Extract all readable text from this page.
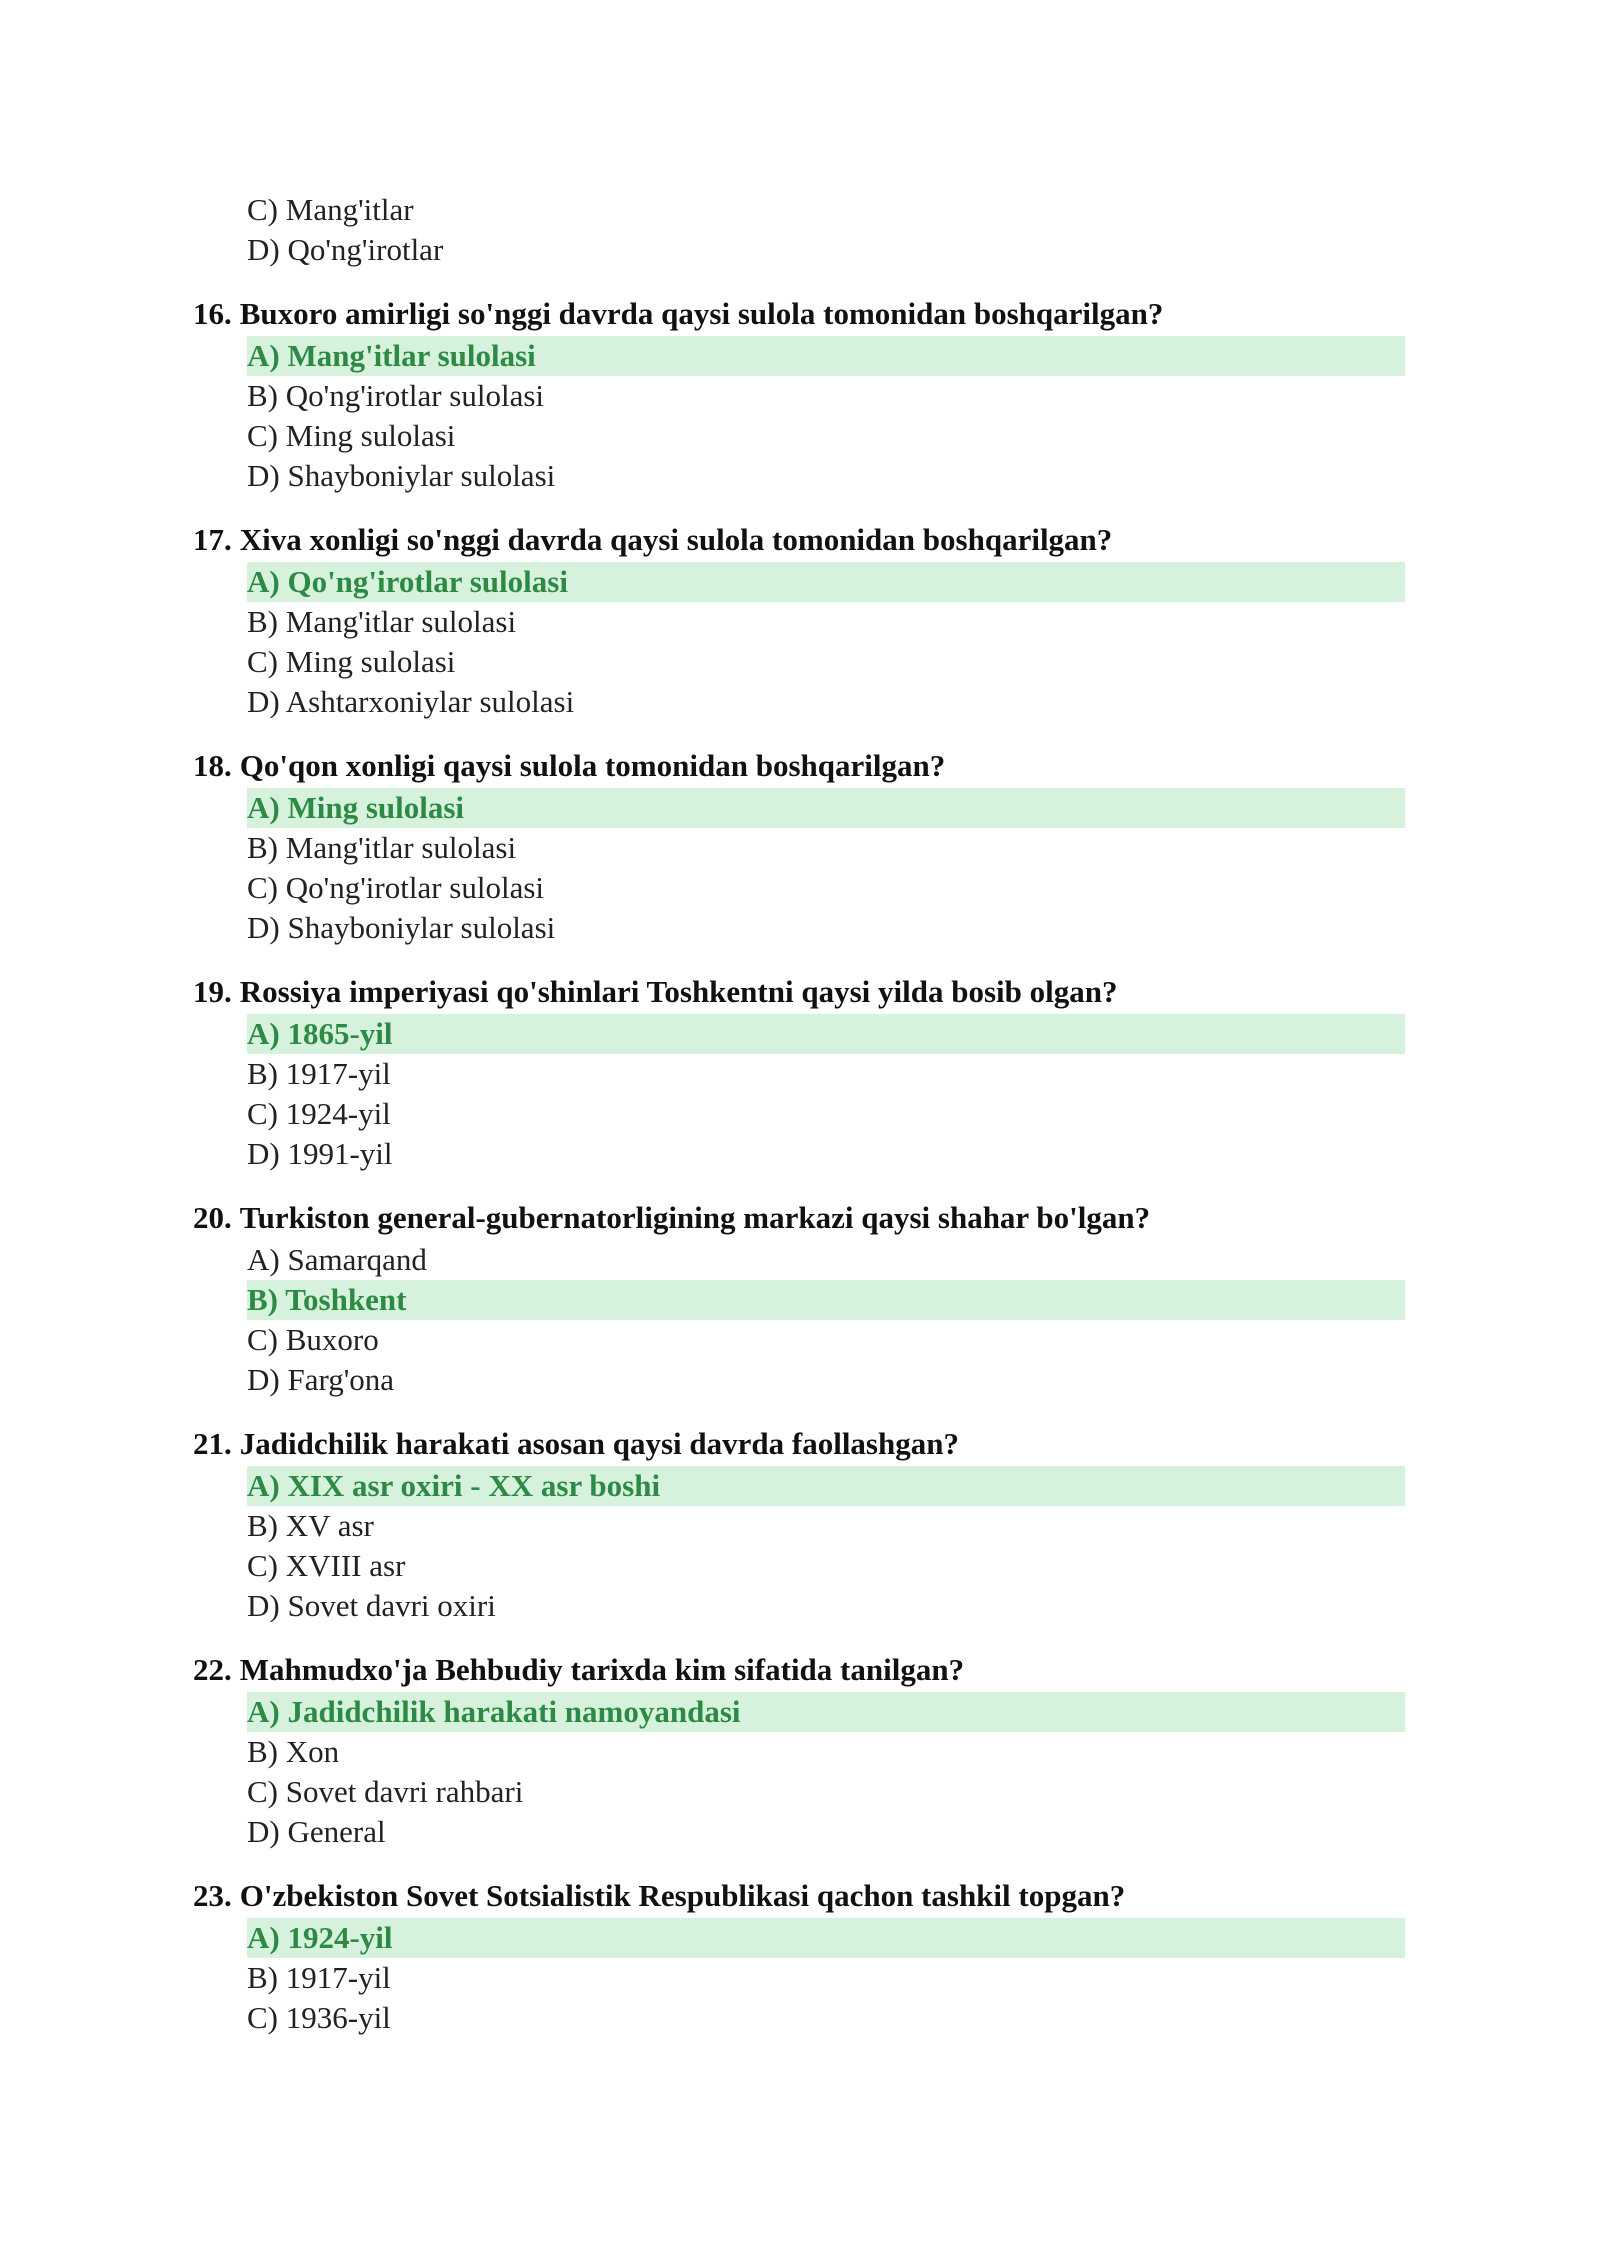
C) Mang'itlar
D) Qo'ng'irotlar
16. Buxoro amirligi so'nggi davrda qaysi sulola tomonidan boshqarilgan?
A) Mang'itlar sulolasi
B) Qo'ng'irotlar sulolasi
C) Ming sulolasi
D) Shayboniylar sulolasi
17. Xiva xonligi so'nggi davrda qaysi sulola tomonidan boshqarilgan?
A) Qo'ng'irotlar sulolasi
B) Mang'itlar sulolasi
C) Ming sulolasi
D) Ashtarxoniylar sulolasi
18. Qo'qon xonligi qaysi sulola tomonidan boshqarilgan?
A) Ming sulolasi
B) Mang'itlar sulolasi
C) Qo'ng'irotlar sulolasi
D) Shayboniylar sulolasi
19. Rossiya imperiyasi qo'shinlari Toshkentni qaysi yilda bosib olgan?
A) 1865-yil
B) 1917-yil
C) 1924-yil
D) 1991-yil
20. Turkiston general-gubernatorligining markazi qaysi shahar bo'lgan?
A) Samarqand
B) Toshkent
C) Buxoro
D) Farg'ona
21. Jadidchilik harakati asosan qaysi davrda faollashgan?
A) XIX asr oxiri - XX asr boshi
B) XV asr
C) XVIII asr
D) Sovet davri oxiri
22. Mahmudxo'ja Behbudiy tarixda kim sifatida tanilgan?
A) Jadidchilik harakati namoyandasi
B) Xon
C) Sovet davri rahbari
D) General
23. O'zbekiston Sovet Sotsialistik Respublikasi qachon tashkil topgan?
A) 1924-yil
B) 1917-yil
C) 1936-yil
